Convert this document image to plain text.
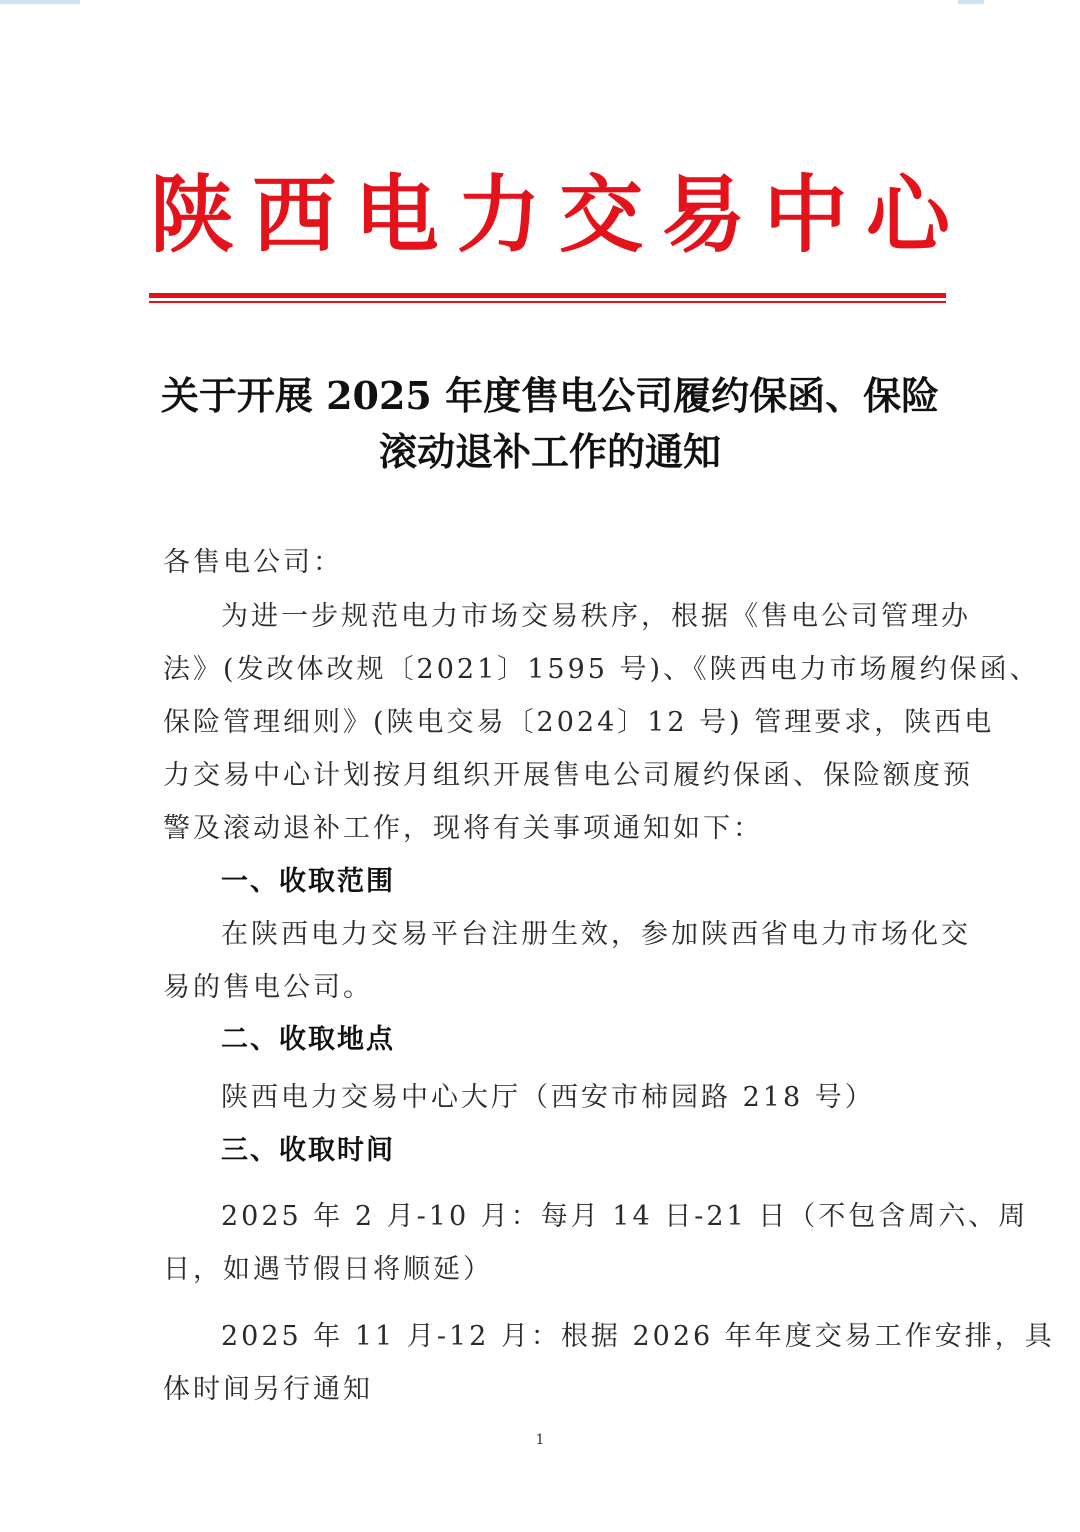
陕 西 电 力 交 易 中 心
关于开展 2025 年度售电公司履约保函、保险
滚动退补工作的通知
各售电公司：
为进一步规范电力市场交易秩序，根据《售电公司管理办
法》(发改体改规〔2021〕1595 号)、《陕西电力市场履约保函、
保险管理细则》(陕电交易〔2024〕12 号) 管理要求，陕西电
力交易中心计划按月组织开展售电公司履约保函、保险额度预
警及滚动退补工作，现将有关事项通知如下：
一、收取范围
在陕西电力交易平台注册生效，参加陕西省电力市场化交
易的售电公司。
二、收取地点
陕西电力交易中心大厅（西安市柿园路 218 号）
三、收取时间
2025 年 2 月-10 月：每月 14 日-21 日（不包含周六、周
日，如遇节假日将顺延）
2025 年 11 月-12 月：根据 2026 年年度交易工作安排，具
体时间另行通知
1
